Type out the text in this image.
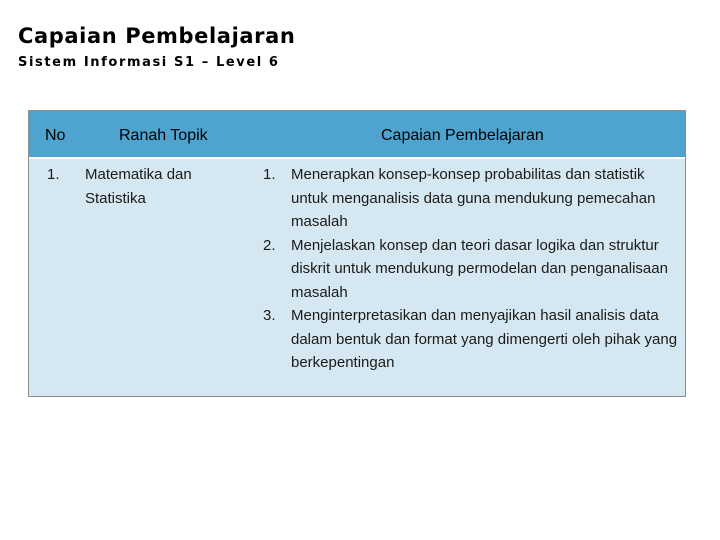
Capaian Pembelajaran
Sistem Informasi S1 – Level 6
No	Ranah Topik	Capaian Pembelajaran
1. Matematika dan Statistika
1. Menerapkan konsep-konsep probabilitas dan statistik untuk menganalisis data guna mendukung pemecahan masalah
2. Menjelaskan konsep dan teori dasar logika dan struktur diskrit untuk mendukung permodelan dan penganalisaan masalah
3. Menginterpretasikan dan menyajikan hasil analisis data dalam bentuk dan format yang dimengerti oleh pihak yang berkepentingan
